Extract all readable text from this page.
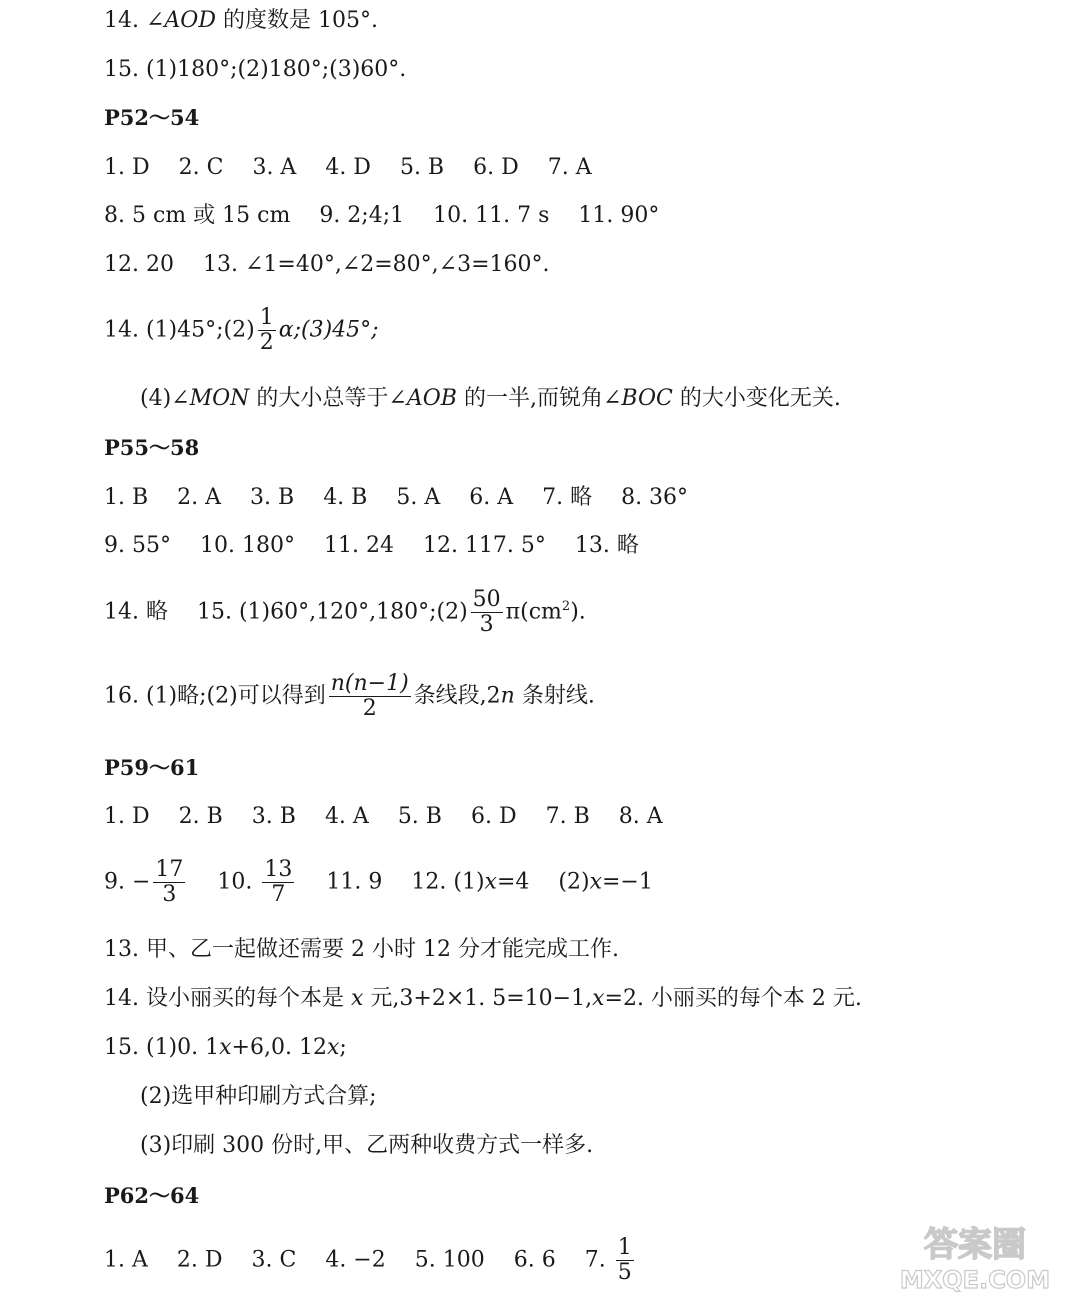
14. ∠AOD 的度数是 105°.
15. (1)180°;(2)180°;(3)60°.
P52～54
1. D 2. C 3. A 4. D 5. B 6. D 7. A
8. 5 cm 或 15 cm 9. 2;4;1 10. 11. 7 s 11. 90°
12. 20 13. ∠1=40°,∠2=80°,∠3=160°.
14. (1)45°;(2) $\frac{1}{2}$ α;(3)45°;
(4)∠MON 的大小总等于∠AOB 的一半,而锐角∠BOC 的大小变化无关.
P55～58
1. B 2. A 3. B 4. B 5. A 6. A 7. 略 8. 36°
9. 55° 10. 180° 11. 24 12. 117. 5° 13. 略
14. 略 15. (1)60°,120°,180°;(2) $\frac{50}{3} \pi(cm^2)$.
16. (1)略;(2)可以得到 $\frac{n(n-1)}{2}$ 条线段,2n 条射线.
P59～61
1. D 2. B 3. B 4. A 5. B 6. D 7. B 8. A
9. − $\frac{17}{3} 10$. $\frac{13}{7} 11$. 9 12. (1)x=4 (2)x=−1
13. 甲、乙一起做还需要 2 小时 12 分才能完成工作.
14. 设小丽买的每个本是 x 元,3+2×1. 5=10−1,x=2. 小丽买的每个本 2 元.
15. (1)0. 1x+6,0. 12x;
(2)选甲种印刷方式合算;
(3)印刷 300 份时,甲、乙两种收费方式一样多.
P62～64
1. A 2. D 3. C 4. −2 5. 100 6. 6 7. $\frac{1}{5}$	答案圈
MXQE.COM
